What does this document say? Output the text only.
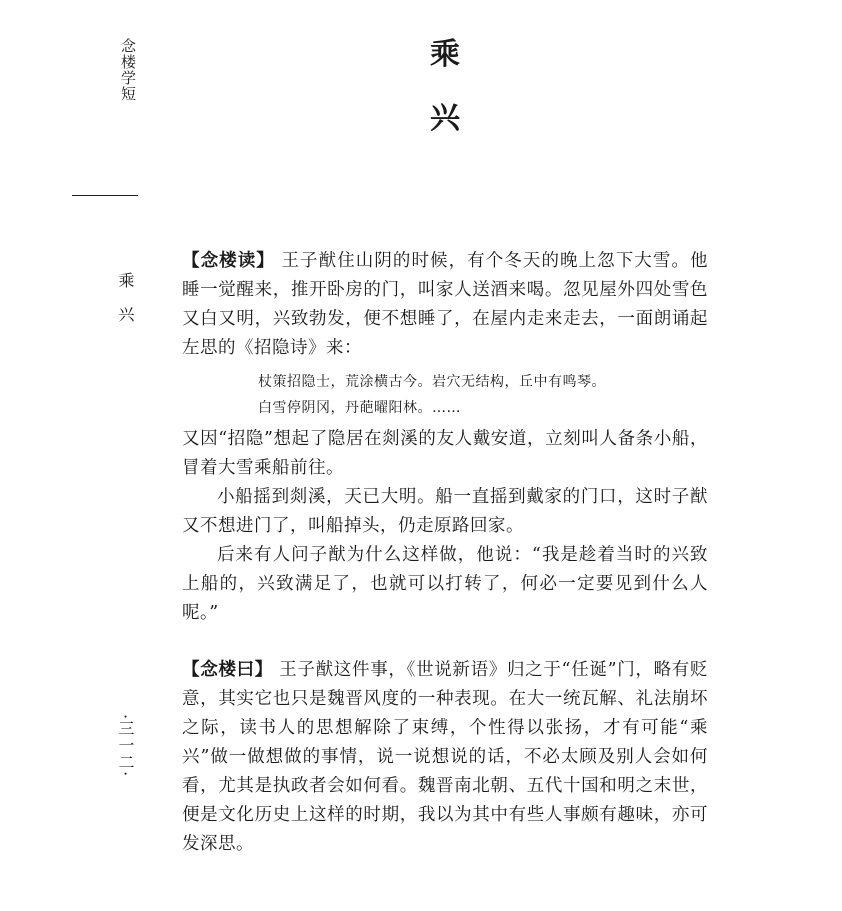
念楼学短
乘兴
·三一二·
乘
兴

【念楼读】 王子猷住山阴的时候，有个冬天的晚上忽下大雪。他睡一觉醒来，推开卧房的门，叫家人送酒来喝。忽见屋外四处雪色又白又明，兴致勃发，便不想睡了，在屋内走来走去，一面朗诵起左思的《招隐诗》来：

杖策招隐士，荒涂横古今。岩穴无结构，丘中有鸣琴。
白雪停阴冈，丹葩曜阳林。……

又因“招隐”想起了隐居在剡溪的友人戴安道，立刻叫人备条小船，冒着大雪乘船前往。

小船摇到剡溪，天已大明。船一直摇到戴家的门口，这时子猷又不想进门了，叫船掉头，仍走原路回家。

后来有人问子猷为什么这样做，他说：“我是趁着当时的兴致上船的，兴致满足了，也就可以打转了，何必一定要见到什么人呢。”

【念楼曰】 王子猷这件事，《世说新语》归之于“任诞”门，略有贬意，其实它也只是魏晋风度的一种表现。在大一统瓦解、礼法崩坏之际，读书人的思想解除了束缚，个性得以张扬，才有可能“乘兴”做一做想做的事情，说一说想说的话，不必太顾及别人会如何看，尤其是执政者会如何看。魏晋南北朝、五代十国和明之末世，便是文化历史上这样的时期，我以为其中有些人事颇有趣味，亦可发深思。
